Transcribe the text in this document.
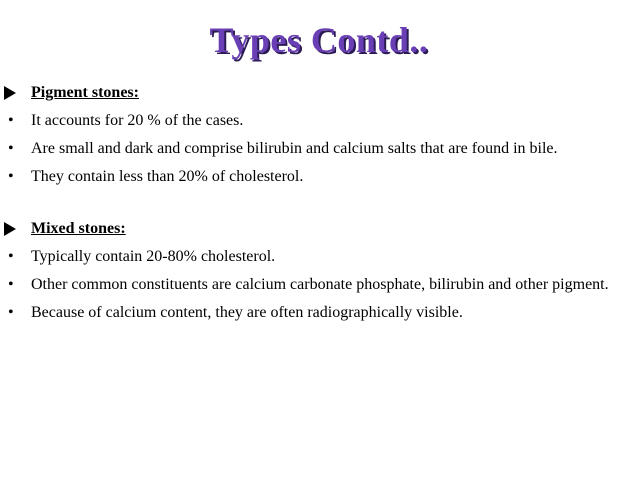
Types Contd..
Pigment stones:
•	It accounts for 20 % of the cases.
•	Are small and dark and comprise bilirubin and calcium salts that are found in bile.
•	They contain less than 20% of cholesterol.
Mixed stones:
•	Typically contain 20-80% cholesterol.
•	Other common constituents are calcium carbonate phosphate, bilirubin and other pigment.
•	Because of calcium content, they are often radiographically visible.
